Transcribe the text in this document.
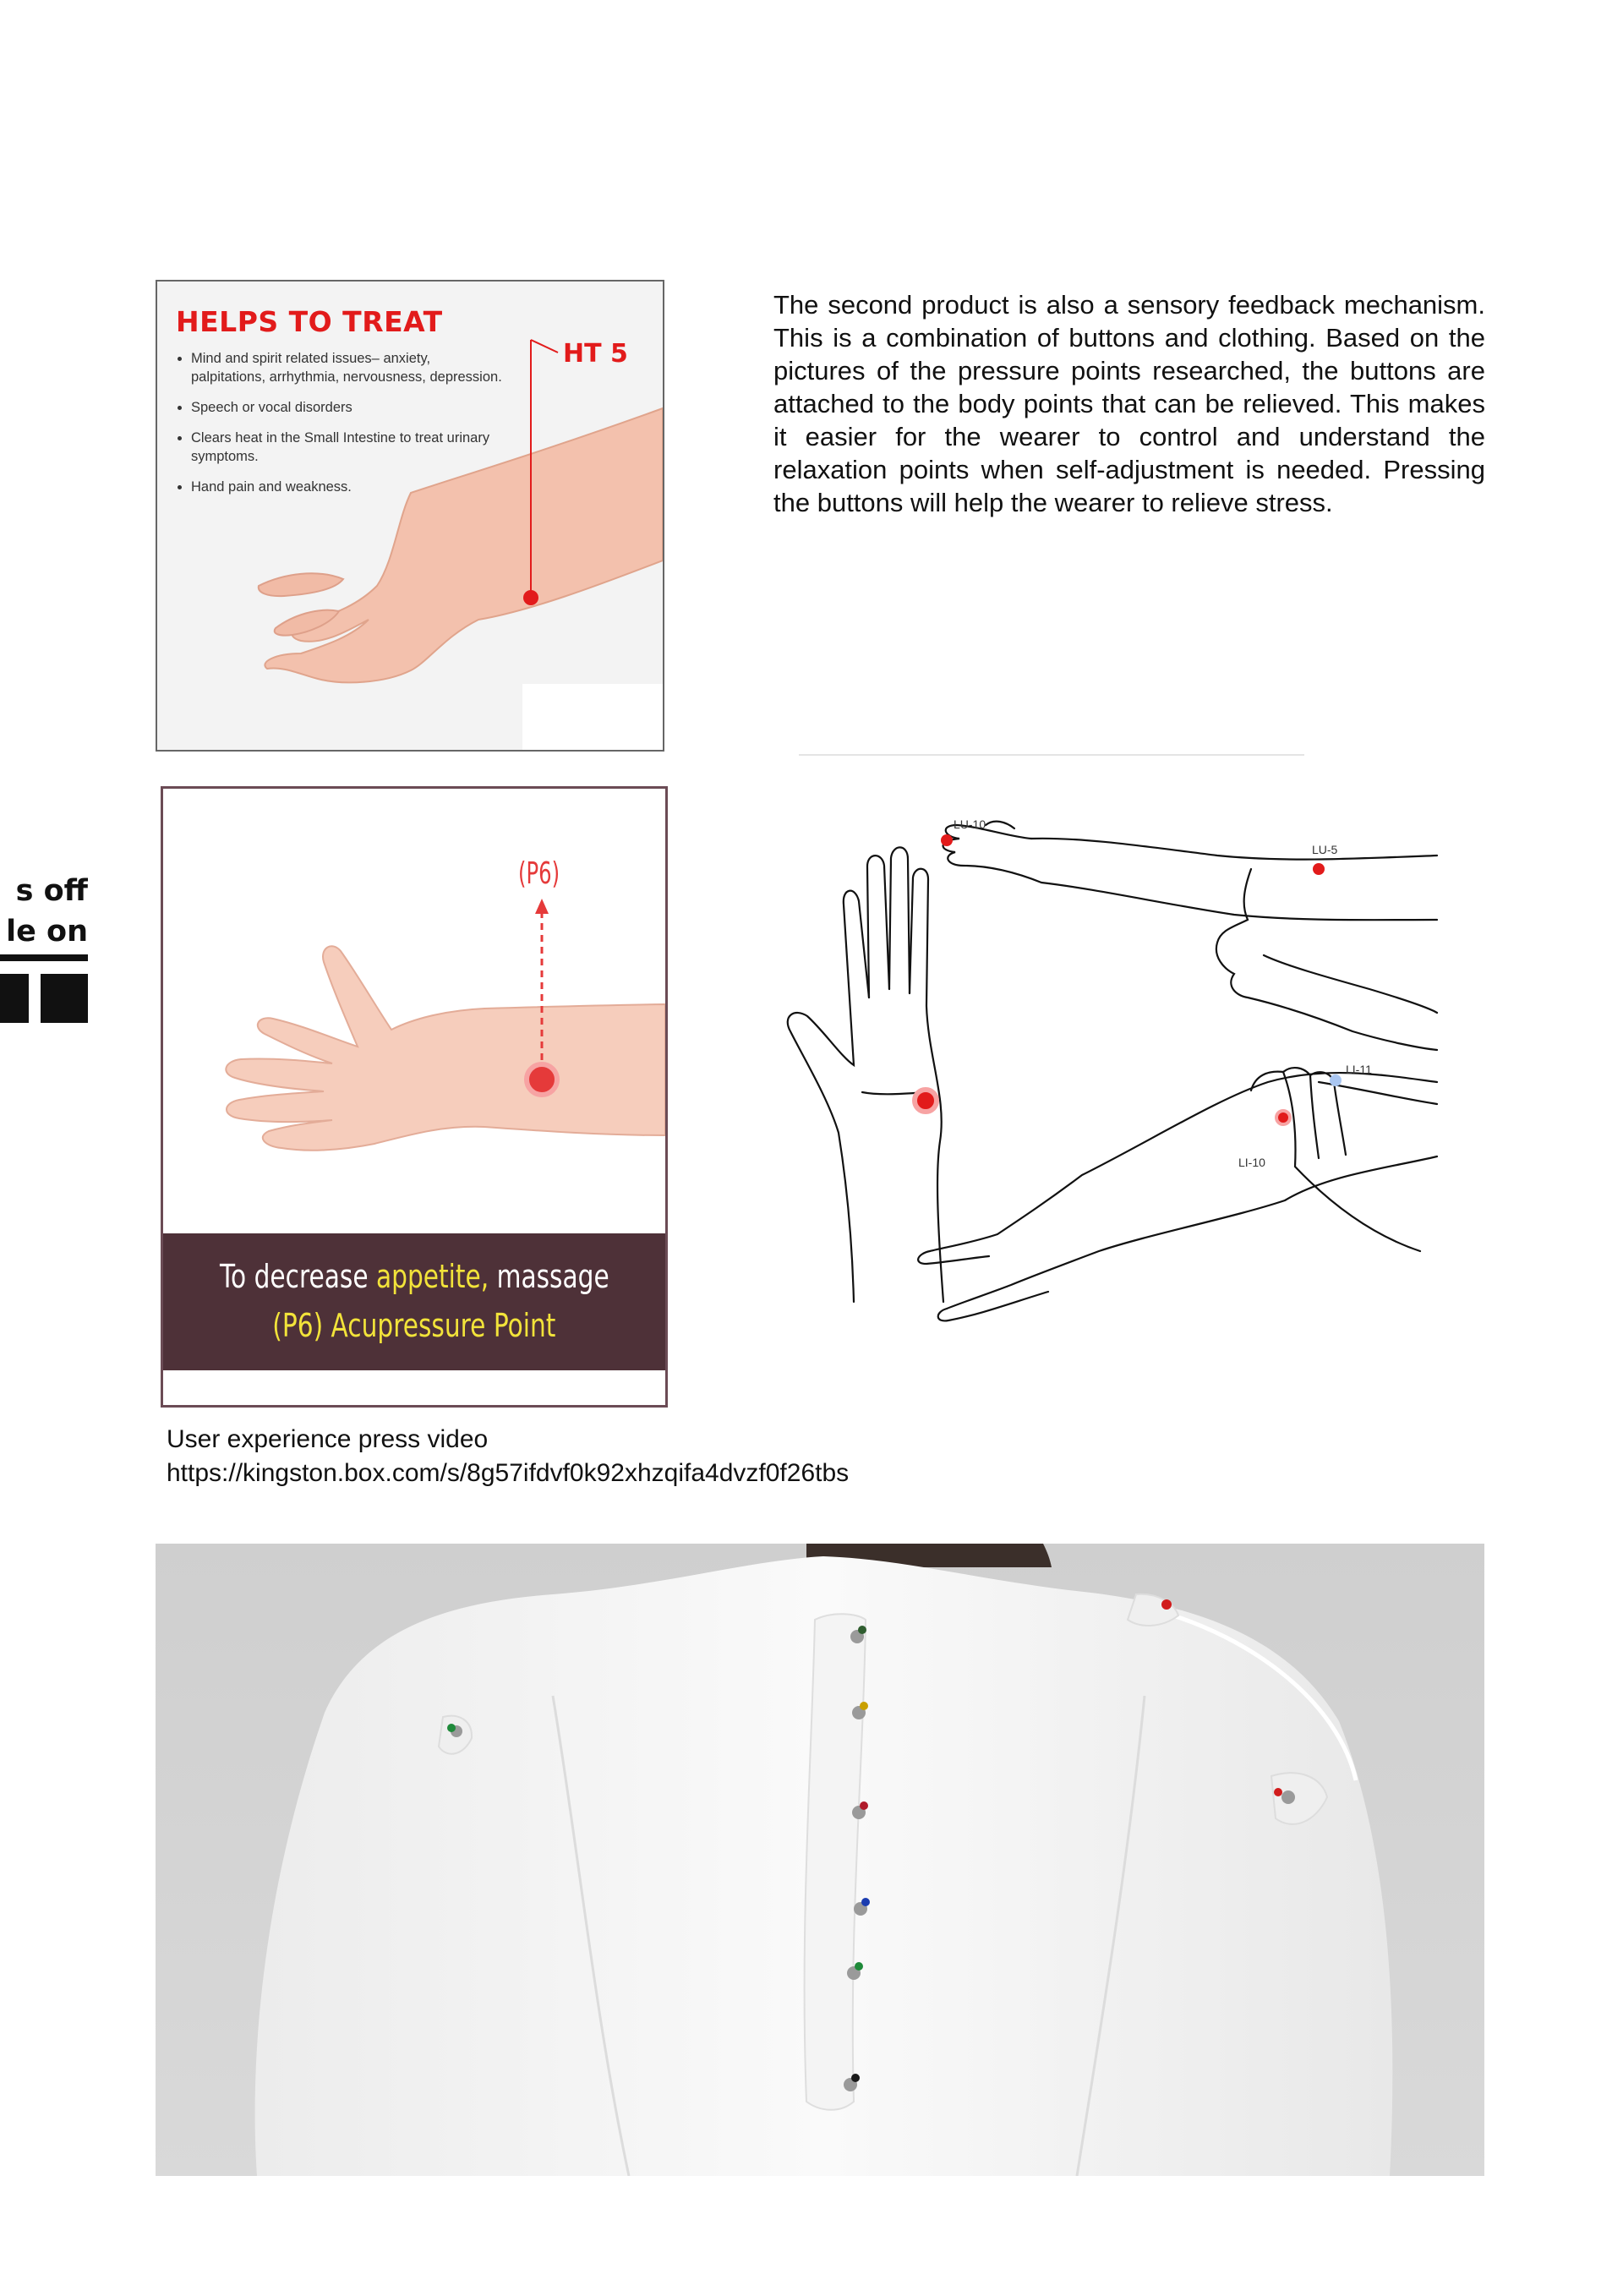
HELPS TO TREAT
• Mind and spirit related issues– anxiety, palpitations, arrhythmia, nervousness, depression.
• Speech or vocal disorders
• Clears heat in the Small Intestine to treat urinary symptoms.
• Hand pain and weakness.
HT 5
The second product is also a sensory feedback mechanism. This is a combination of buttons and clothing. Based on the pictures of the pressure points researched, the buttons are attached to the body points that can be relieved. This makes it easier for the wearer to control and understand the relaxation points when self-adjustment is needed. Pressing the buttons will help the wearer to relieve stress.
s off
le on
(P6)
To decrease appetite, massage
(P6) Acupressure Point
LU-10
LU-5
LI-11
LI-10
User experience press video
https://kingston.box.com/s/8g57ifdvf0k92xhzqifa4dvzf0f26tbs
